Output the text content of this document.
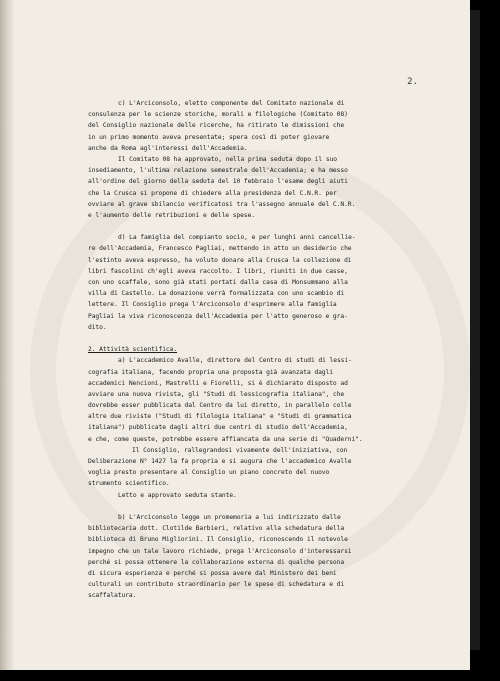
2.
c) L'Arciconsolo, eletto componente del Comitato nazionale di
consulenza per le scienze storiche, morali e filologiche (Comitato 08)
del Consiglio nazionale delle ricerche, ha ritirato le dimissioni che
in un primo momento aveva presentate; spera così di poter giovare
anche da Roma agl'interessi dell'Accademia.
Il Comitato 08 ha approvato, nella prima seduta dopo il suo
insediamento, l'ultima relazione semestrale dell'Accademia; e ha messo
all'ordine del giorno della seduta del 10 febbraio l'esame degli aiuti
che la Crusca si propone di chiedere alla presidenza del C.N.R. per
ovviare al grave sbilancio verificatosi tra l'assegno annuale del C.N.R.
e l'aumento delle retribuzioni e delle spese.
d) La famiglia del compianto socio, e per lunghi anni cancellie-
re dell'Accademia, Francesco Pagliai, mettendo in atto un desiderio che
l'estinto aveva espresso, ha voluto donare alla Crusca la collezione di
libri fascolini ch'egli aveva raccolto. I libri, riuniti in due casse,
con uno scaffale, sono già stati portati dalla casa di Monsummano alla
villa di Castello. La donazione verrà formalizzata con uno scambio di
lettere. Il Consiglio prega l'Arciconsolo d'esprimere alla famiglia
Pagliai la viva riconoscenza dell'Accademia per l'atto generoso e gra-
dito.
2. Attività scientifica.
a) L'accademico Avalle, direttore del Centro di studi di lessi-
cografia italiana, facendo propria una proposta già avanzata dagli
accademici Nencioni, Mastrelli e Fiorelli, si è dichiarato disposto ad
avviare una nuova rivista, gli "Studi di lessicografia italiana", che
dovrebbe esser pubblicata dal Centro da lui diretto, in parallelo colle
altre due riviste ("Studi di filologia italiana" e "Studi di grammatica
italiana") pubblicate dagli altri due centri di studio dell'Accademia,
e che, come queste, potrebbe essere affiancata da una serie di "Quaderni".
Il Consiglio, rallegrandosi vivamente dell'iniziativa, con
Deliberazione N° 1427 la fa propria e si augura che l'accademico Avalle
voglia presto presentare al Consiglio un piano concreto del nuovo
strumento scientifico.
Letto e approvato seduta stante.
b) L'Arciconsolo legge un promemoria a lui indirizzato dalle
bibliotecaria dott. Clotilde Barbieri, relativo alla schedatura della
biblioteca di Bruno Migliorini. Il Consiglio, riconoscendo il notevole
impegno che un tale lavoro richiede, prega l'Arciconsolo d'interessarsi
perché si possa ottenere la collaborazione esterna di qualche persona
di sicura esperienza e perché si possa avere dal Ministero dei beni
culturali un contributo straordinario per le spese di schedatura e di
scaffalatura.
